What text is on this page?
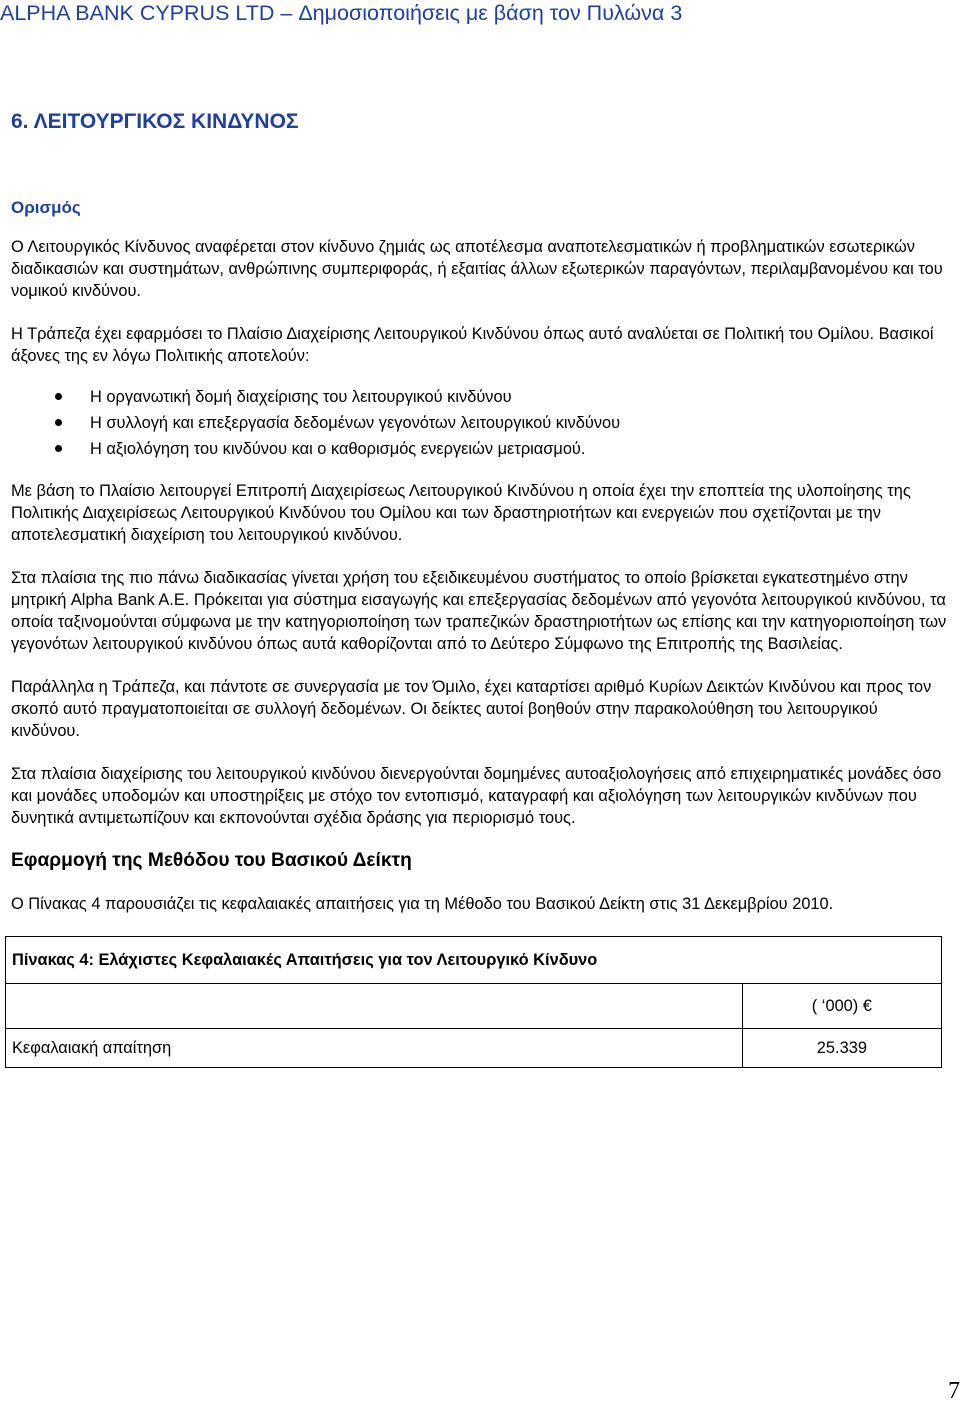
ALPHA BANK CYPRUS LTD – Δημοσιοποιήσεις με βάση τον Πυλώνα 3
6. ΛΕΙΤΟΥΡΓΙΚΟΣ ΚΙΝΔΥΝΟΣ
Ορισμός

Ο Λειτουργικός Κίνδυνος αναφέρεται στον κίνδυνο ζημιάς ως αποτέλεσμα αναποτελεσματικών ή προβληματικών εσωτερικών διαδικασιών και συστημάτων, ανθρώπινης συμπεριφοράς, ή εξαιτίας άλλων εξωτερικών παραγόντων, περιλαμβανομένου και του νομικού κινδύνου.

Η Τράπεζα έχει εφαρμόσει το Πλαίσιο Διαχείρισης Λειτουργικού Κινδύνου όπως αυτό αναλύεται σε Πολιτική του Ομίλου. Βασικοί άξονες της εν λόγω Πολιτικής αποτελούν:

Η οργανωτική δομή διαχείρισης του λειτουργικού κινδύνου
Η συλλογή και επεξεργασία δεδομένων γεγονότων λειτουργικού κινδύνου
Η αξιολόγηση του κινδύνου και ο καθορισμός ενεργειών μετριασμού.

Με βάση το Πλαίσιο λειτουργεί Επιτροπή Διαχειρίσεως Λειτουργικού Κινδύνου η οποία έχει την εποπτεία της υλοποίησης της Πολιτικής Διαχειρίσεως Λειτουργικού Κινδύνου του Ομίλου και των δραστηριοτήτων και ενεργειών που σχετίζονται με την αποτελεσματική διαχείριση του λειτουργικού κινδύνου.

Στα πλαίσια της πιο πάνω διαδικασίας γίνεται χρήση του εξειδικευμένου συστήματος το οποίο βρίσκεται εγκατεστημένο στην μητρική Alpha Bank A.E. Πρόκειται για σύστημα εισαγωγής και επεξεργασίας δεδομένων από γεγονότα λειτουργικού κινδύνου, τα οποία ταξινομούνται σύμφωνα με την κατηγοριοποίηση των τραπεζικών δραστηριοτήτων ως επίσης και την κατηγοριοποίηση των γεγονότων λειτουργικού κινδύνου όπως αυτά καθορίζονται από το Δεύτερο Σύμφωνο της Επιτροπής της Βασιλείας.

Παράλληλα η Τράπεζα, και πάντοτε σε συνεργασία με τον Όμιλο, έχει καταρτίσει αριθμό Κυρίων Δεικτών Κινδύνου και προς τον σκοπό αυτό πραγματοποιείται σε συλλογή δεδομένων. Οι δείκτες αυτοί βοηθούν στην παρακολούθηση του λειτουργικού κινδύνου.

Στα πλαίσια διαχείρισης του λειτουργικού κινδύνου διενεργούνται δομημένες αυτοαξιολογήσεις από επιχειρηματικές μονάδες όσο και μονάδες υποδομών και υποστηρίξεις με στόχο τον εντοπισμό, καταγραφή και αξιολόγηση των λειτουργικών κινδύνων που δυνητικά αντιμετωπίζουν και εκπονούνται σχέδια δράσης για περιορισμό τους.

Εφαρμογή της Μεθόδου του Βασικού Δείκτη

Ο Πίνακας 4 παρουσιάζει τις κεφαλαιακές απαιτήσεις για τη Μέθοδο του Βασικού Δείκτη στις 31 Δεκεμβρίου 2010.

Πίνακας 4: Ελάχιστες Κεφαλαιακές Απαιτήσεις για τον Λειτουργικό Κίνδυνο	
	( ‘000) €
Κεφαλαιακή απαίτηση	25.339
7
